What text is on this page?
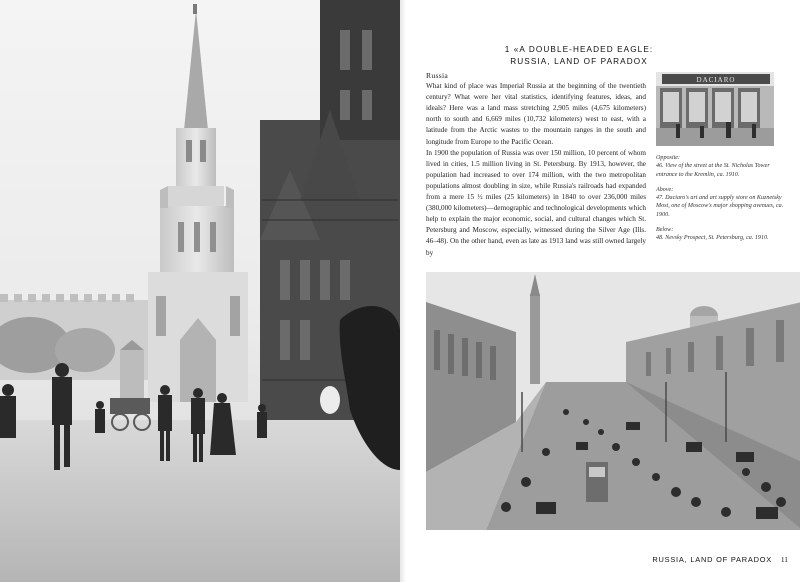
1 «A DOUBLE-HEADED EAGLE:
RUSSIA, LAND OF PARADOX
Russia
What kind of place was Imperial Russia at the beginning of the twentieth century? What were her vital statistics, identifying features, ideas, and ideals? Here was a land mass stretching 2,905 miles (4,675 kilometers) north to south and 6,669 miles (10,732 kilometers) west to east, with a latitude from the Arctic wastes to the mountain ranges in the south and longitude from Europe to the Pacific Ocean.
In 1900 the population of Russia was over 150 million, 10 percent of whom lived in cities, 1.5 million living in St. Petersburg. By 1913, however, the population had increased to over 174 million, with the two metropolitan populations almost doubling in size, while Russia's railroads had expanded from a mere 15 ½ miles (25 kilometers) in 1840 to over 236,000 miles (380,000 kilometers)—demographic and technological developments which help to explain the major economic, social, and cultural changes which St. Petersburg and Moscow, especially, witnessed during the Silver Age (Ills. 46–48). On the other hand, even as late as 1913 land was still owned largely by
DACIARO
Opposite:
46. View of the street at the St. Nicholas Tower entrance to the Kremlin, ca. 1910.
Above:
47. Daciaro's art and art supply store on Kuznetsky Most, one of Moscow's major shopping avenues, ca. 1900.
Below:
48. Nevsky Prospect, St. Petersburg, ca. 1910.
RUSSIA, LAND OF PARADOX 11
